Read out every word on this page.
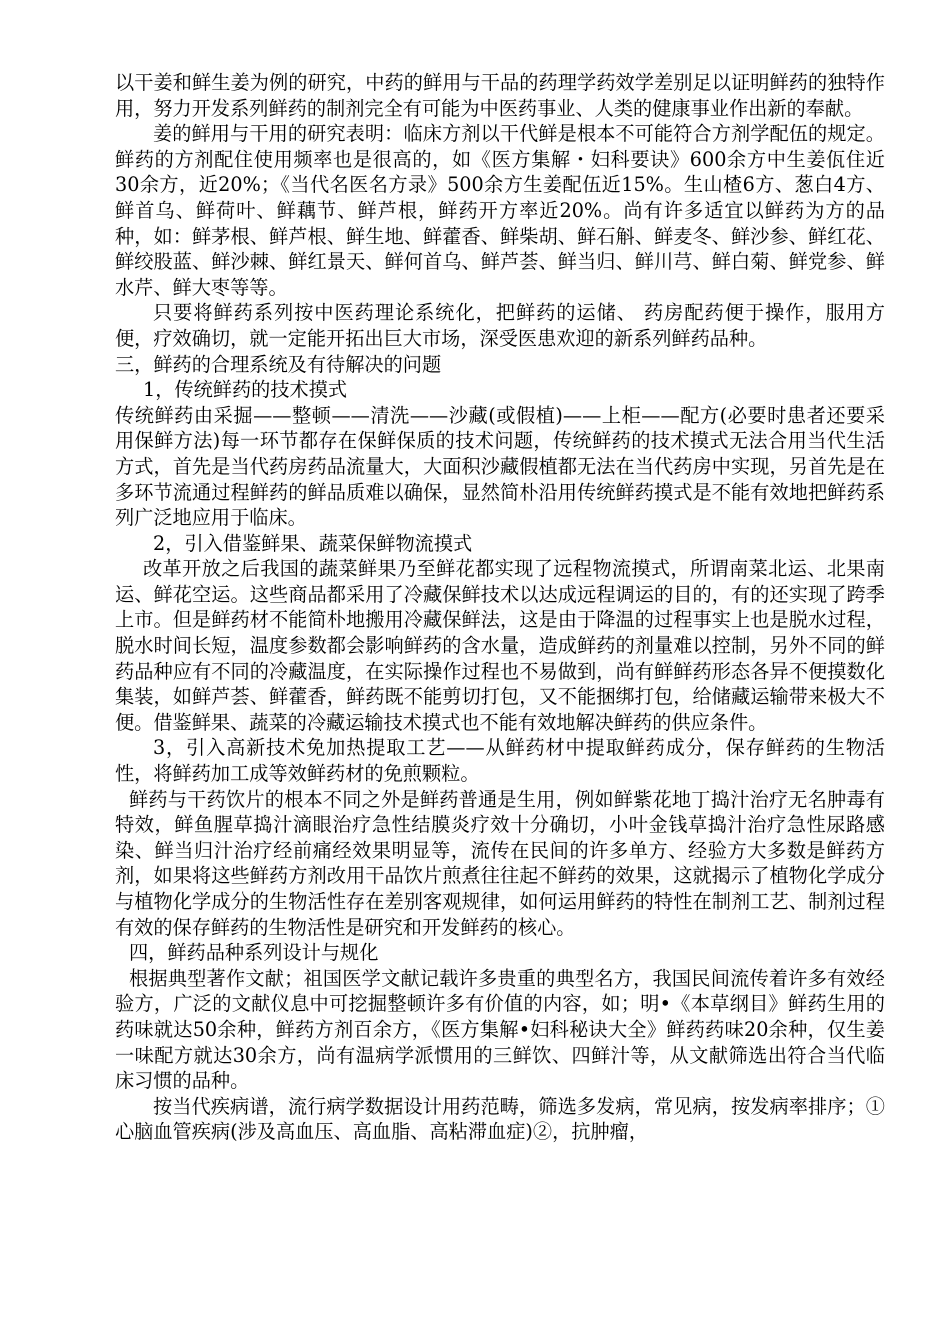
以干姜和鲜生姜为例的研究，中药的鲜用与干品的药理学药效学差别足以证明鲜药的独特作用，努力开发系列鲜药的制剂完全有可能为中医药事业、人类的健康事业作出新的奉献。

姜的鲜用与干用的研究表明：临床方剂以干代鲜是根本不可能符合方剂学配伍的规定。鲜药的方剂配住使用频率也是很高的，如《医方集解・妇科要诀》600余方中生姜佤住近30余方，近20%；《当代名医名方录》500余方生姜配伍近15%。生山楂6方、葱白4方、鲜首乌、鲜荷叶、鲜藕节、鲜芦根，鲜药开方率近20%。尚有许多适宜以鲜药为方的品种，如：鲜茅根、鲜芦根、鲜生地、鲜藿香、鲜柴胡、鲜石斛、鲜麦冬、鲜沙参、鲜红花、鲜绞股蓝、鲜沙棘、鲜红景天、鲜何首乌、鲜芦荟、鲜当归、鲜川芎、鲜白菊、鲜党参、鲜水芹、鲜大枣等等。

只要将鲜药系列按中医药理论系统化，把鲜药的运储、 药房配药便于操作，服用方便，疗效确切，就一定能开拓出巨大市场，深受医患欢迎的新系列鲜药品种。

三，鲜药的合理系统及有待解决的问题

1，传统鲜药的技术摸式

传统鲜药由采掘——整顿——清洗——沙藏(或假植)——上柜——配方(必要时患者还要采用保鲜方法)每一环节都存在保鲜保质的技术问题，传统鲜药的技术摸式无法合用当代生活方式，首先是当代药房药品流量大，大面积沙藏假植都无法在当代药房中实现，另首先是在多环节流通过程鲜药的鲜品质难以确保，显然简朴沿用传统鲜药摸式是不能有效地把鲜药系列广泛地应用于临床。

2，引入借鉴鲜果、蔬菜保鲜物流摸式

改革开放之后我国的蔬菜鲜果乃至鲜花都实现了远程物流摸式，所谓南菜北运、北果南运、鲜花空运。这些商品都采用了冷藏保鲜技术以达成远程调运的目的，有的还实现了跨季上市。但是鲜药材不能简朴地搬用冷藏保鲜法，这是由于降温的过程事实上也是脱水过程，脱水时间长短，温度参数都会影响鲜药的含水量，造成鲜药的剂量难以控制，另外不同的鲜药品种应有不同的冷藏温度，在实际操作过程也不易做到，尚有鲜鲜药形态各异不便摸数化集装，如鲜芦荟、鲜藿香，鲜药既不能剪切打包，又不能捆绑打包，给储藏运输带来极大不便。借鉴鲜果、蔬菜的冷藏运输技术摸式也不能有效地解决鲜药的供应条件。

3，引入高新技术免加热提取工艺——从鲜药材中提取鲜药成分，保存鲜药的生物活性，将鲜药加工成等效鲜药材的免煎颗粒。

鲜药与干药饮片的根本不同之外是鲜药普通是生用，例如鲜紫花地丁捣汁治疗无名肿毒有特效，鲜鱼腥草捣汁滴眼治疗急性结膜炎疗效十分确切，小叶金钱草捣汁治疗急性尿路感染、鲜当归汁治疗经前痛经效果明显等，流传在民间的许多单方、经验方大多数是鲜药方剂，如果将这些鲜药方剂改用干品饮片煎煮往往起不鲜药的效果，这就揭示了植物化学成分与植物化学成分的生物活性存在差别客观规律，如何运用鲜药的特性在制剂工艺、制剂过程有效的保存鲜药的生物活性是研究和开发鲜药的核心。

四，鲜药品种系列设计与规化

根据典型著作文献；祖国医学文献记载许多贵重的典型名方，我国民间流传着许多有效经验方，广泛的文献仪息中可挖掘整顿许多有价值的内容，如；明•《本草纲目》鲜药生用的药味就达50余种，鲜药方剂百余方，《医方集解•妇科秘诀大全》鲜药药味20余种，仅生姜一味配方就达30余方，尚有温病学派惯用的三鲜饮、四鲜汁等，从文献筛选出符合当代临床习惯的品种。

按当代疾病谱，流行病学数据设计用药范畴，筛选多发病，常见病，按发病率排序；①心脑血管疾病(涉及高血压、高血脂、高粘滞血症)②，抗肿瘤，
